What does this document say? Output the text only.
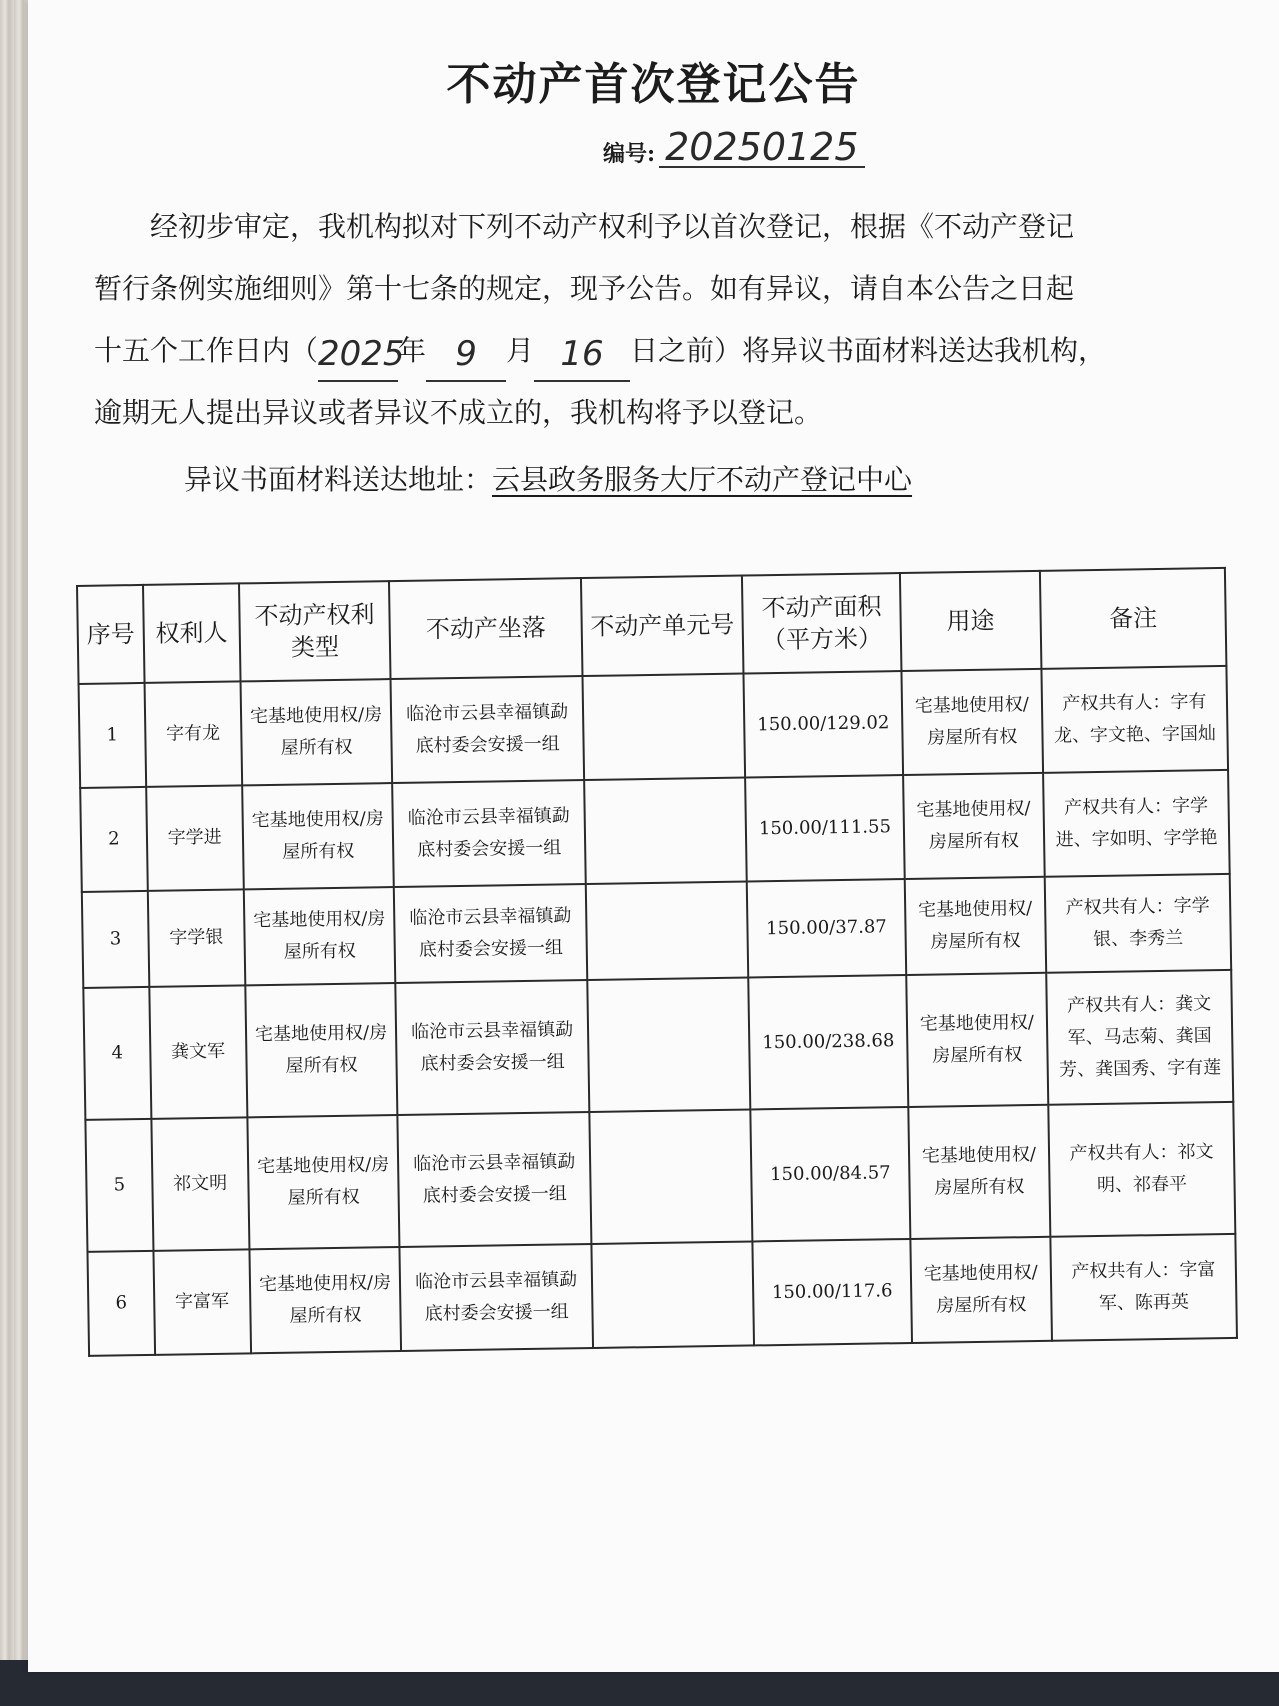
不动产首次登记公告
编号: 20250125
经初步审定，我机构拟对下列不动产权利予以首次登记，根据《不动产登记
暂行条例实施细则》第十七条的规定，现予公告。如有异议，请自本公告之日起
十五个工作日内（2025年 9 月 16 日之前）将异议书面材料送达我机构，
逾期无人提出异议或者异议不成立的，我机构将予以登记。
异议书面材料送达地址：云县政务服务大厅不动产登记中心
序号	权利人	不动产权利类型	不动产坐落	不动产单元号	不动产面积（平方米）	用途	备注
1	字有龙	宅基地使用权/房屋所有权	临沧市云县幸福镇勐底村委会安援一组		150.00/129.02	宅基地使用权/房屋所有权	产权共有人：字有龙、字文艳、字国灿
2	字学进	宅基地使用权/房屋所有权	临沧市云县幸福镇勐底村委会安援一组		150.00/111.55	宅基地使用权/房屋所有权	产权共有人：字学进、字如明、字学艳
3	字学银	宅基地使用权/房屋所有权	临沧市云县幸福镇勐底村委会安援一组		150.00/37.87	宅基地使用权/房屋所有权	产权共有人：字学银、李秀兰
4	龚文军	宅基地使用权/房屋所有权	临沧市云县幸福镇勐底村委会安援一组		150.00/238.68	宅基地使用权/房屋所有权	产权共有人：龚文军、马志菊、龚国芳、龚国秀、字有莲
5	祁文明	宅基地使用权/房屋所有权	临沧市云县幸福镇勐底村委会安援一组		150.00/84.57	宅基地使用权/房屋所有权	产权共有人：祁文明、祁春平
6	字富军	宅基地使用权/房屋所有权	临沧市云县幸福镇勐底村委会安援一组		150.00/117.6	宅基地使用权/房屋所有权	产权共有人：字富军、陈再英
